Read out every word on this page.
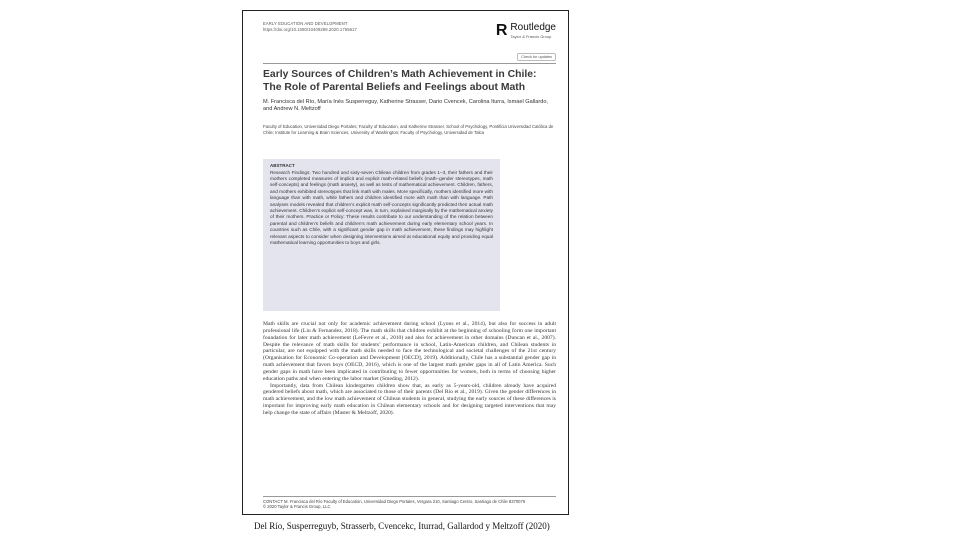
EARLY EDUCATION AND DEVELOPMENT
https://doi.org/10.1080/10409289.2020.1755617	R Routledge
Taylor & Francis Group
Check for updates
Early Sources of Children’s Math Achievement in Chile: The Role of Parental Beliefs and Feelings about Math
M. Francisca del Río, María Inés Susperreguy, Katherine Strasser, Dario Cvencek, Carolina Iturra, Ismael Gallardo, and Andrew N. Meltzoff
Faculty of Education, Universidad Diego Portales; Faculty of Education, and Katherine Strasser, School of Psychology, Pontificia Universidad Católica de Chile; Institute for Learning & Brain Sciences, University of Washington; Faculty of Psychology, Universidad de Talca
ABSTRACT
Research Findings: Two hundred and sixty-seven Chilean children from grades 1–3, their fathers and their mothers completed measures of implicit and explicit math-related beliefs (math–gender stereotypes, math self-concepts) and feelings (math anxiety), as well as tests of mathematical achievement. Children, fathers, and mothers exhibited stereotypes that link math with males. More specifically, mothers identified more with language than with math, while fathers and children identified more with math than with language. Path analyses models revealed that children’s explicit math self-concepts significantly predicted their actual math achievement. Children’s explicit self-concept was, in turn, explained marginally by the mathematical anxiety of their mothers. Practice or Policy: These results contribute to our understanding of the relation between parental and children’s beliefs and children’s math achievement during early elementary school years. In countries such as Chile, with a significant gender gap in math achievement, these findings may highlight relevant aspects to consider when designing interventions aimed at educational equity and providing equal mathematical learning opportunities to boys and girls.

Math skills are crucial not only for academic achievement during school (Lyons et al., 2014), but also for success in adult professional life (Liu & Fernandez, 2018). The math skills that children exhibit at the beginning of schooling form one important foundation for later math achievement (LeFevre et al., 2010) and also for achievement in other domains (Duncan et al., 2007). Despite the relevance of math skills for students’ performance in school, Latin-American children, and Chilean students in particular, are not equipped with the math skills needed to face the technological and societal challenges of the 21st century (Organisation for Economic Co-operation and Development [OECD], 2019). Additionally, Chile has a substantial gender gap in math achievement that favors boys (OECD, 2016), which is one of the largest math gender gaps in all of Latin America. Such gender gaps in math have been implicated in contributing to fewer opportunities for women, both in terms of choosing higher education paths and when entering the labor market (Smeding, 2012).

Importantly, data from Chilean kindergarten children show that, as early as 5-years-old, children already have acquired gendered beliefs about math, which are associated to those of their parents (Del Río et al., 2019). Given the gender differences in math achievement, and the low math achievement of Chilean students in general, studying the early sources of these differences is important for improving early math education in Chilean elementary schools and for designing targeted interventions that may help change the state of affairs (Master & Meltzoff, 2020).

CONTACT M. Francisca del Río Faculty of Education, Universidad Diego Portales, Vergara 210, Santiago Centro, Santiago de Chile 8370076
© 2020 Taylor & Francis Group, LLC
Del Río, Susperreguyb, Strasserb, Cvencekc, Iturrad, Gallardod y Meltzoff (2020)
